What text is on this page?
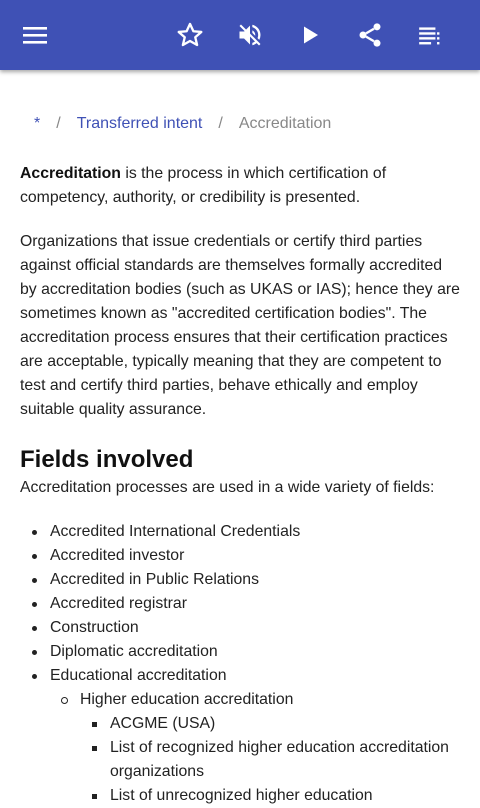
* / Transferred intent / Accreditation

Accreditation is the process in which certification of competency, authority, or credibility is presented.

Organizations that issue credentials or certify third parties against official standards are themselves formally accredited by accreditation bodies (such as UKAS or IAS); hence they are sometimes known as "accredited certification bodies". The accreditation process ensures that their certification practices are acceptable, typically meaning that they are competent to test and certify third parties, behave ethically and employ suitable quality assurance.

Fields involved

Accreditation processes are used in a wide variety of fields:

Accredited International Credentials
Accredited investor
Accredited in Public Relations
Accredited registrar
Construction
Diplomatic accreditation
Educational accreditation
Higher education accreditation
ACGME (USA)
List of recognized higher education accreditation organizations
List of unrecognized higher education
